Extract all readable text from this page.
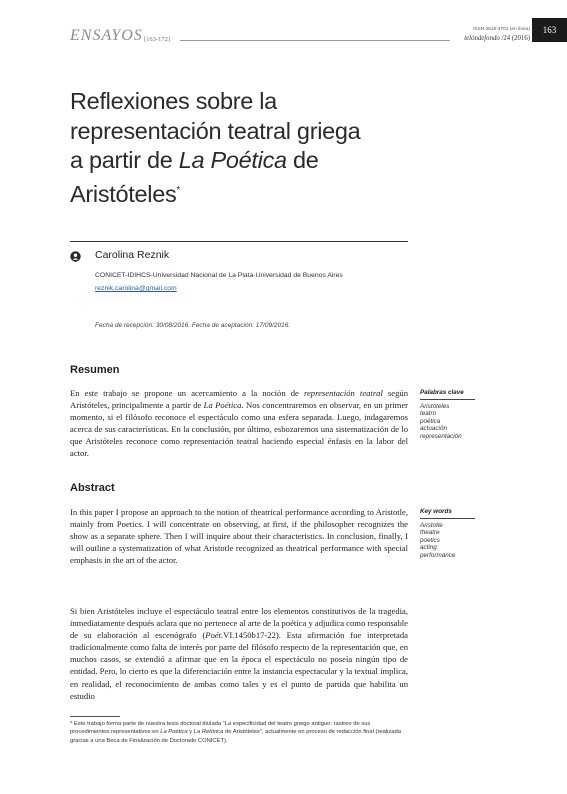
ENSAYOS [163-172]
ISSN 2618-3701 (en línea)
telóndefondo /24 (2016)
163
Reflexiones sobre la
representación teatral griega
a partir de La Poética de
Aristóteles*
Carolina Reznik
CONICET-IDIHCS-Universidad Nacional de La Plata-Universidad de Buenos Aires
reznik.carolina@gmail.com
Fecha de recepción: 30/08/2016. Fecha de aceptación: 17/09/2016.
Resumen

En este trabajo se propone un acercamiento a la noción de representación teatral según Aristóteles, principalmente a partir de La Poética. Nos concentraremos en observar, en un primer momento, si el filósofo reconoce el espectáculo como una esfera separada. Luego, indagaremos acerca de sus características. En la conclusión, por último, esbozaremos una sistematización de lo que Aristóteles reconoce como representación teatral haciendo especial énfasis en la labor del actor.

Palabras clave
Aristóteles
teatro
poética
actuación
representación
Abstract

In this paper I propose an approach to the notion of theatrical performance according to Aristotle, mainly from Poetics. I will concentrate on observing, at first, if the philosopher recognizes the show as a separate sphere. Then I will inquire about their characteristics. In conclusion, finally, I will outline a systematization of what Aristotle recognized as theatrical performance with special emphasis in the art of the actor.

Key words
Aristotle
theatre
poetics
acting
performance

Si bien Aristóteles incluye el espectáculo teatral entre los elementos constitutivos de la tragedia, inmediatamente después aclara que no pertenece al arte de la poética y adjudica como responsable de su elaboración al escenógrafo (Poét.VI.1450b17-22). Esta afirmación fue interpretada tradicionalmente como falta de interés por parte del filósofo respecto de la representación que, en muchos casos, se extendió a afirmar que en la época el espectáculo no poseía ningún tipo de entidad. Pero, lo cierto es que la diferenciación entre la instancia espectacular y la textual implica, en realidad, el reconocimiento de ambas como tales y es el punto de partida que habilita un estudio

* Este trabajo forma parte de nuestra tesis doctoral titulada “La especificidad del teatro griego antiguo: rastreo de sus procedimientos representativos en La Poética y La Retórica de Aristóteles”, actualmente en proceso de redacción final (realizada gracias a una Beca de Finalización de Doctorado CONICET).
